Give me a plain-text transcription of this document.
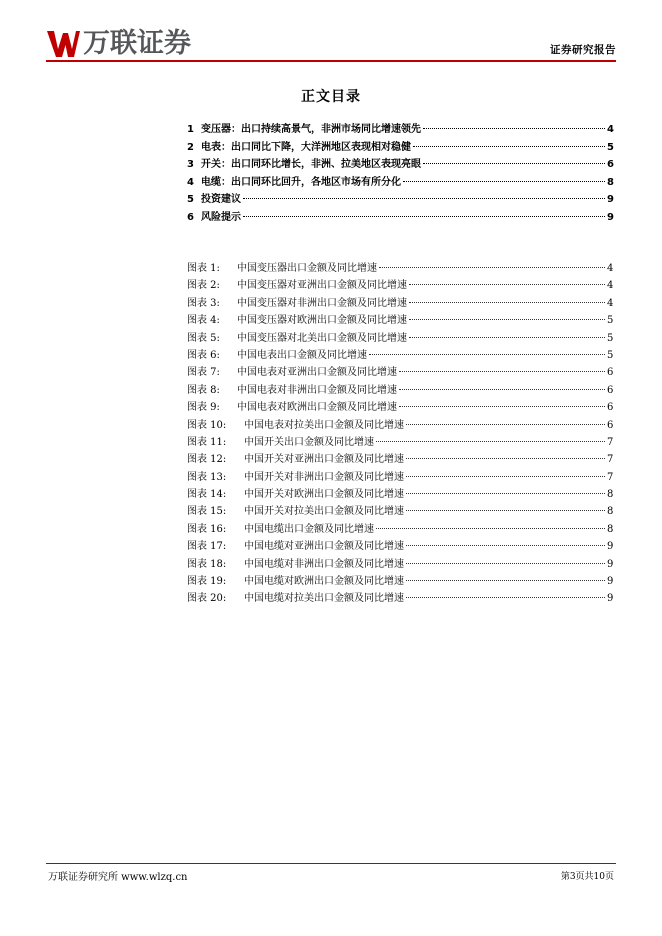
万联证券	证券研究报告
正文目录
1 变压器：出口持续高景气，非洲市场同比增速领先	4
2 电表：出口同比下降，大洋洲地区表现相对稳健	5
3 开关：出口同环比增长，非洲、拉美地区表现亮眼	6
4 电缆：出口同环比回升，各地区市场有所分化	8
5 投资建议	9
6 风险提示	9
图表 1:	中国变压器出口金额及同比增速	4
图表 2:	中国变压器对亚洲出口金额及同比增速	4
图表 3:	中国变压器对非洲出口金额及同比增速	4
图表 4:	中国变压器对欧洲出口金额及同比增速	5
图表 5:	中国变压器对北美出口金额及同比增速	5
图表 6:	中国电表出口金额及同比增速	5
图表 7:	中国电表对亚洲出口金额及同比增速	6
图表 8:	中国电表对非洲出口金额及同比增速	6
图表 9:	中国电表对欧洲出口金额及同比增速	6
图表 10:	中国电表对拉美出口金额及同比增速	6
图表 11:	中国开关出口金额及同比增速	7
图表 12:	中国开关对亚洲出口金额及同比增速	7
图表 13:	中国开关对非洲出口金额及同比增速	7
图表 14:	中国开关对欧洲出口金额及同比增速	8
图表 15:	中国开关对拉美出口金额及同比增速	8
图表 16:	中国电缆出口金额及同比增速	8
图表 17:	中国电缆对亚洲出口金额及同比增速	9
图表 18:	中国电缆对非洲出口金额及同比增速	9
图表 19:	中国电缆对欧洲出口金额及同比增速	9
图表 20:	中国电缆对拉美出口金额及同比增速	9
万联证券研究所 www.wlzq.cn	第3页共10页
